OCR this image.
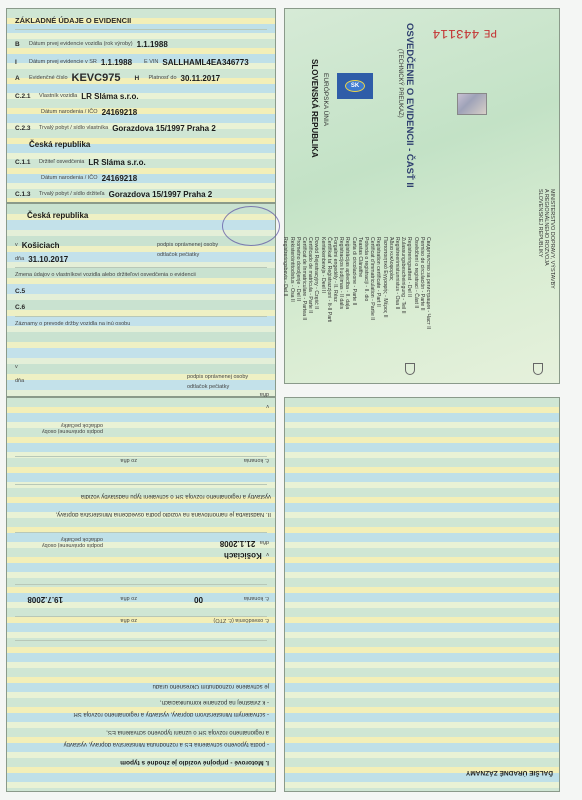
ZÁKLADNÉ ÚDAJE O EVIDENCII
B	Dátum prvej evidencie vozidla (rok výroby) 1.1.1988
I	Dátum prvej evidencie v SR 1.1.1988 E VIN SALLHAML4EA346773
A	Evidenčné číslo KEVC975 H	Platnosť do 30.11.2017
C.2.1	Vlastník vozidla LR Sláma s.r.o.
Dátum narodenia / IČO 24169218
C.2.3	Trvalý pobyt / sídlo vlastníka Gorazdova 15/1997 Praha 2
Česká republika
C.1.1	Držiteľ osvedčenia LR Sláma s.r.o.
Dátum narodenia / IČO 24169218
C.1.3	Trvalý pobyt / sídlo držiteľa Gorazdova 15/1997 Praha 2
Česká republika
v Košiciach	podpis oprávnenej osoby
odtlačok pečiatky
dňa 31.10.2017
Zmena údajov o vlastníkovi vozidla alebo držiteľovi osvedčenia o evidencii
C.5
C.6
Záznamy o prevode držby vozidla na inú osobu
v
dňa
podpis oprávnenej osoby
odtlačok pečiatky
PE 443114
SK
EURÓPSKA ÚNIA
SLOVENSKÁ REPUBLIKA	OSVEDČENIE O EVIDENCII - ČASŤ II
(TECHNICKÝ PREUKAZ)
MINISTERSTVO DOPRAVY, VÝSTAVBY
A REGIONÁLNEHO ROZVOJA
SLOVENSKEJ REPUBLIKY
Свидетелство за регистрация - Част II
Permiso de circulación - Parte II
Osvědčení o registraci - Část II
Registreringsattest - Del II
Zulassungsbescheinigung - Teil II
Registreerimistunnistus - Osa II
Άδεια κυκλοφορίας
Πιστοποιητικό Εγγραφής - Μέρος ΙΙ
Registration certificate - Part II
Certificat d'immatriculation - Partie II
Potvrda o registraciji - II. dio
Teastas Cláraithe
Carta di circolazione - Parte II
Reģistrācijas apliecība - II. daļa
Registracijos liudijimas - II dalis
Forgalmi engedély - II. Rész
Čertifikat ta' Reġistrazzjoni - It-II Parti
Kentekenbewijs - Deel II
Dowód Rejestracyjny - Część II
Certificado de matrícula - Parte II
Certificat de înmatriculare - Partea II
Prometno dovoljenje - Del II
Rekisteröintitodistus - Osa II
Registreringsbevis - Del II
podpis oprávnenej osoby
odtlačok pečiatky
v
dňa
č. konania
zo dňa
II. Nadstavba je namontovaná na vozidlo podľa osvedčenia Ministerstva dopravy,
výstavby a regionálneho rozvoja SR o schválení typu nadstavby vozidla
podpis oprávnenej osoby
odtlačok pečiatky
v Košiciach
dňa 21.1.2008
č. konania
00
zo dňa
19.7.2008
č. osvedčenia (č. ZTO)
zo dňa
je schválené rozhodnutím Okresného úradu
- k zvláštnej na poznanie komunikáciách,
- schváleným Ministerstvom dopravy, výstavby a regionálneho rozvoja SR
a regionálneho rozvoja SR o uznaní typového schválenia ES,
- podľa typového schválenia ES a rozhodnutia Ministerstva dopravy, výstavby
I. Motorové - prípojné vozidlo je zhodné s typom
ĎALŠIE ÚRADNÉ ZÁZNAMY
